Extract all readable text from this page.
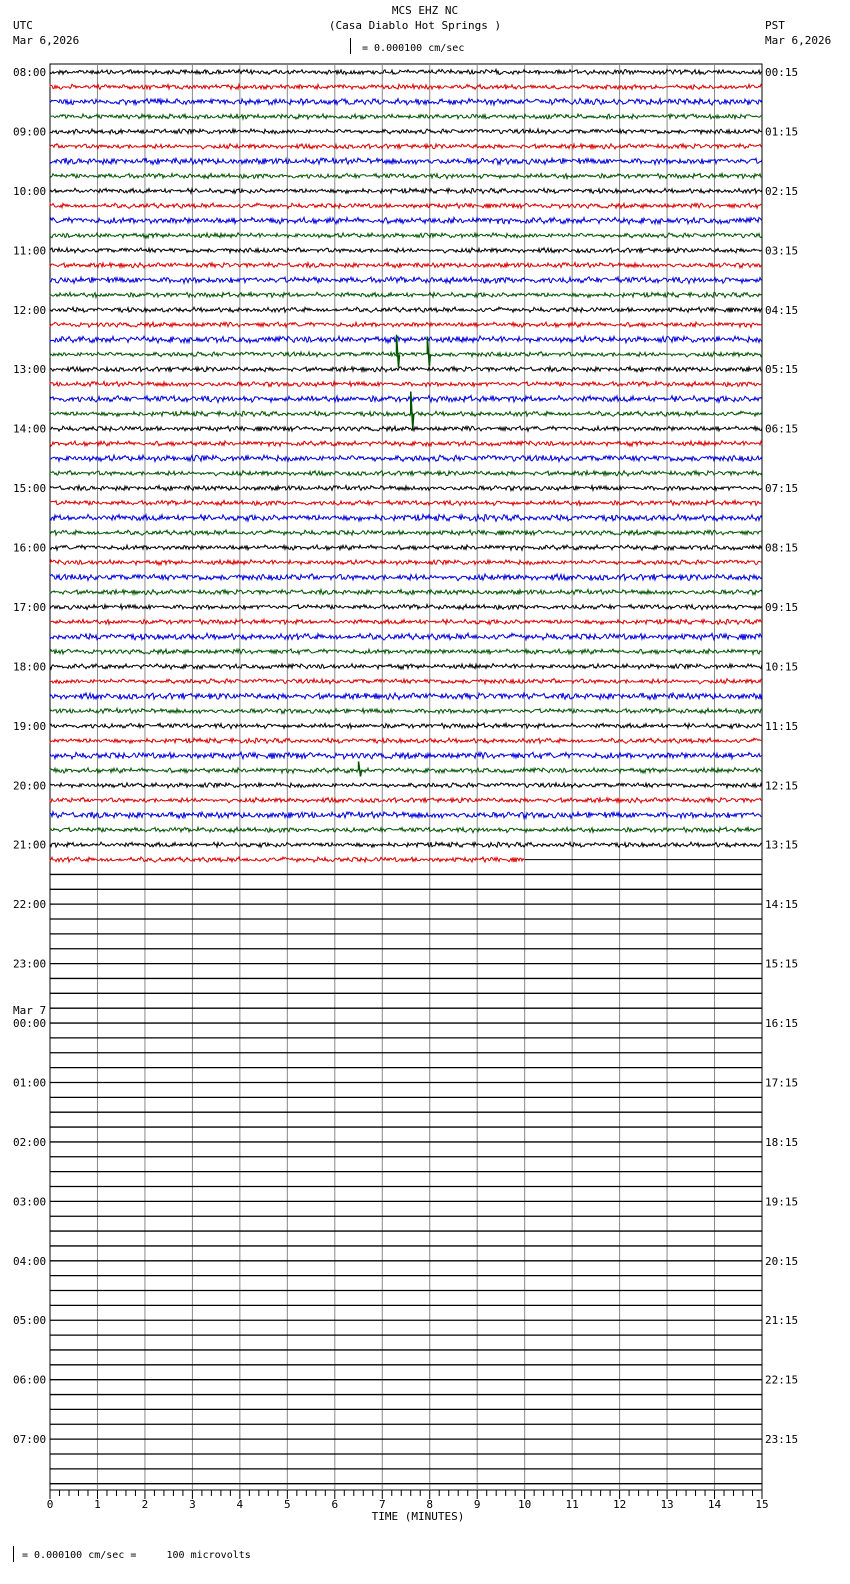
MCS EHZ NC
(Casa Diablo Hot Springs )
UTC
Mar 6,2026
PST
Mar 6,2026
= 0.000100 cm/sec
08:00
09:00
10:00
11:00
12:00
13:00
14:00
15:00
16:00
17:00
18:00
19:00
20:00
21:00
22:00
23:00
00:00
01:00
02:00
03:00
04:00
05:00
06:00
07:00
Mar 7
00:15
01:15
02:15
03:15
04:15
05:15
06:15
07:15
08:15
09:15
10:15
11:15
12:15
13:15
14:15
15:15
16:15
17:15
18:15
19:15
20:15
21:15
22:15
23:15
0	1	2	3	4	5	6	7	8	9	10	11	12	13	14	15
TIME (MINUTES)
= 0.000100 cm/sec =     100 microvolts
